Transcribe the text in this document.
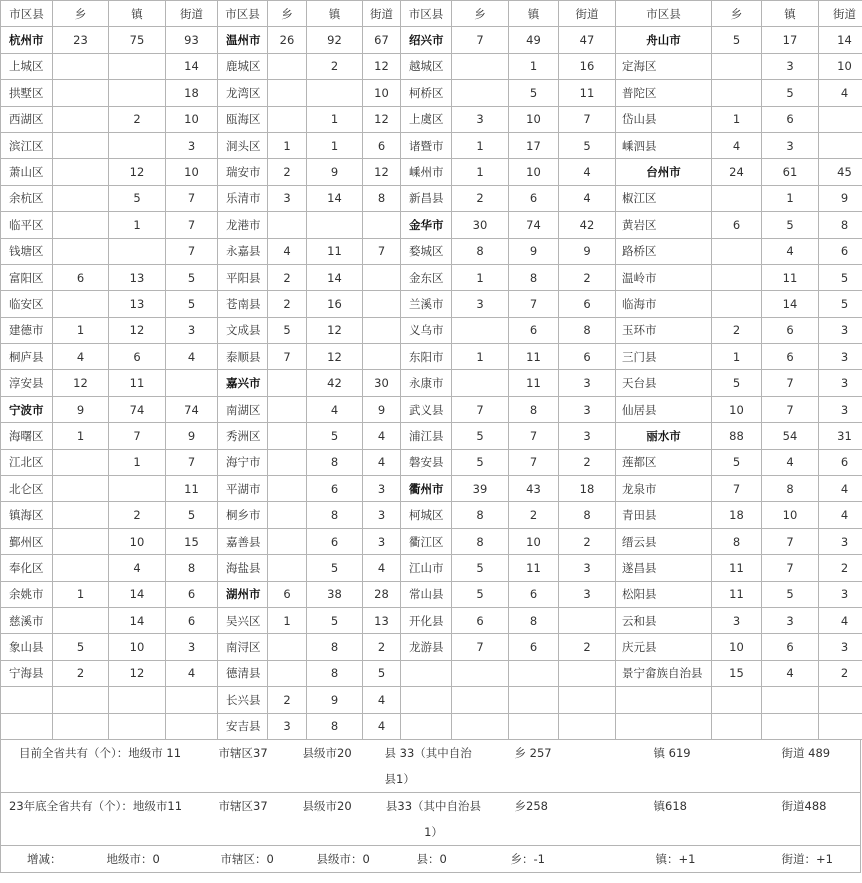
市区县	乡	镇	街道	市区县	乡	镇	街道	市区县	乡	镇	街道	市区县	乡	镇	街道
杭州市	23	75	93	温州市	26	92	67	绍兴市	7	49	47	舟山市	5	17	14
上城区			14	鹿城区		2	12	越城区		1	16	定海区		3	10
拱墅区			18	龙湾区			10	柯桥区		5	11	普陀区		5	4
西湖区		2	10	瓯海区		1	12	上虞区	3	10	7	岱山县	1	6	
滨江区			3	洞头区	1	1	6	诸暨市	1	17	5	嵊泗县	4	3	
萧山区		12	10	瑞安市	2	9	12	嵊州市	1	10	4	台州市	24	61	45
余杭区		5	7	乐清市	3	14	8	新昌县	2	6	4	椒江区		1	9
临平区		1	7	龙港市				金华市	30	74	42	黄岩区	6	5	8
钱塘区			7	永嘉县	4	11	7	婺城区	8	9	9	路桥区		4	6
富阳区	6	13	5	平阳县	2	14		金东区	1	8	2	温岭市		11	5
临安区		13	5	苍南县	2	16		兰溪市	3	7	6	临海市		14	5
建德市	1	12	3	文成县	5	12		义乌市		6	8	玉环市	2	6	3
桐庐县	4	6	4	泰顺县	7	12		东阳市	1	11	6	三门县	1	6	3
淳安县	12	11		嘉兴市		42	30	永康市		11	3	天台县	5	7	3
宁波市	9	74	74	南湖区		4	9	武义县	7	8	3	仙居县	10	7	3
海曙区	1	7	9	秀洲区		5	4	浦江县	5	7	3	丽水市	88	54	31
江北区		1	7	海宁市		8	4	磐安县	5	7	2	莲都区	5	4	6
北仑区			11	平湖市		6	3	衢州市	39	43	18	龙泉市	7	8	4
镇海区		2	5	桐乡市		8	3	柯城区	8	2	8	青田县	18	10	4
鄞州区		10	15	嘉善县		6	3	衢江区	8	10	2	缙云县	8	7	3
奉化区		4	8	海盐县		5	4	江山市	5	11	3	遂昌县	11	7	2
余姚市	1	14	6	湖州市	6	38	28	常山县	5	6	3	松阳县	11	5	3
慈溪市		14	6	吴兴区	1	5	13	开化县	6	8		云和县	3	3	4
象山县	5	10	3	南浔区		8	2	龙游县	7	6	2	庆元县	10	6	3
宁海县	2	12	4	德清县		8	5					景宁畲族自治县	15	4	2
				长兴县	2	9	4								
				安吉县	3	8	4								
目前全省共有（个）：地级市 11	市辖区37	县级市20	县 33（其中自治县1）	乡 257	镇 619	街道 489
23年底全省共有（个）：地级市11	市辖区37	县级市20	县33（其中自治县1）	乡258	镇618	街道488
增减：	地级市：0	市辖区：0	县级市：0	县：0	乡：-1	镇：+1	街道：+1
